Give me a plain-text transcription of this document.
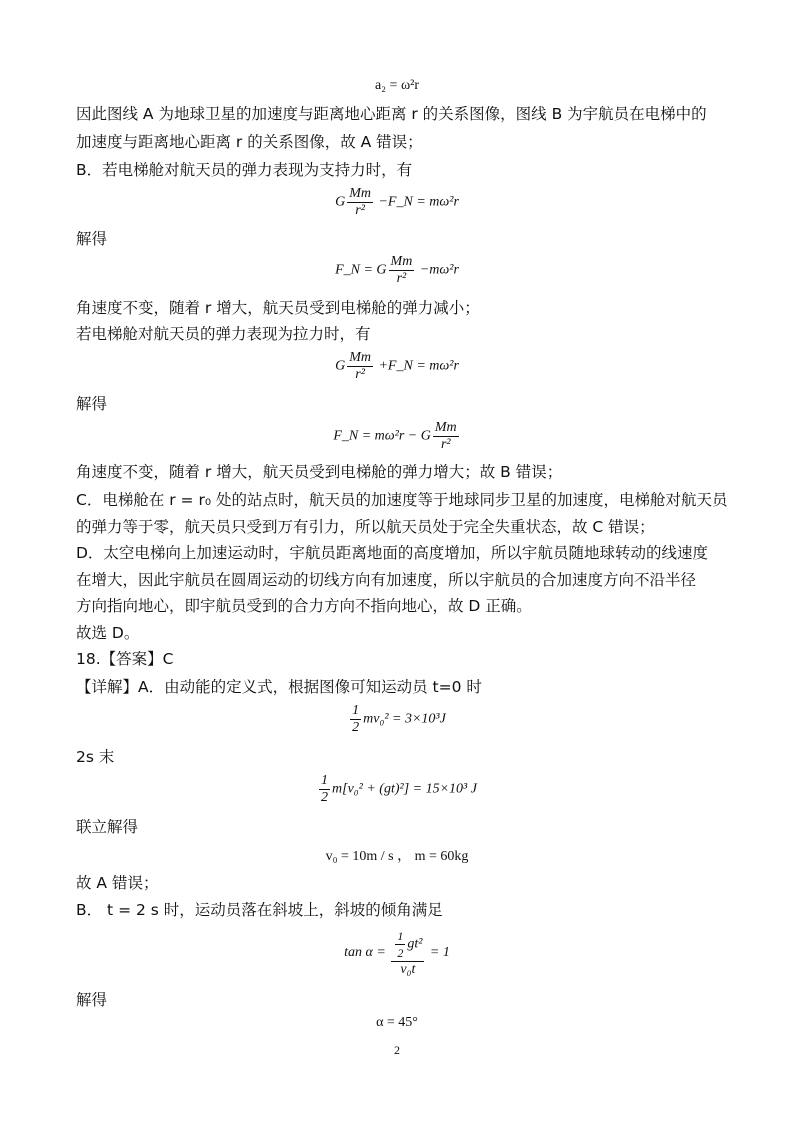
a₂ = ω²r
因此图线 A 为地球卫星的加速度与距离地心距离 r 的关系图像，图线 B 为宇航员在电梯中的
加速度与距离地心距离 r 的关系图像，故 A 错误；
B．若电梯舱对航天员的弹力表现为支持力时，有
G $\frac{Mm}{\text{r²}}$ −F_N = mω²r
解得
F_N = G $\frac{Mm}{\text{r²}} -m\omega^2r$
角速度不变，随着 r 增大，航天员受到电梯舱的弹力减小；
若电梯舱对航天员的弹力表现为拉力时，有
G $\frac{Mm}{\text{r²}}$ +F_N = mω²r
解得
F_N = mω²r − G $\frac{Mm}{\text{r²}}$
角速度不变，随着 r 增大，航天员受到电梯舱的弹力增大；故 B 错误；
C．电梯舱在 r = r₀ 处的站点时，航天员的加速度等于地球同步卫星的加速度，电梯舱对航天员
的弹力等于零，航天员只受到万有引力，所以航天员处于完全失重状态，故 C 错误；
D．太空电梯向上加速运动时，宇航员距离地面的高度增加，所以宇航员随地球转动的线速度
在增大，因此宇航员在圆周运动的切线方向有加速度，所以宇航员的合加速度方向不沿半径
方向指向地心，即宇航员受到的合力方向不指向地心，故 D 正确。
故选 D。
18.【答案】C
【详解】A．由动能的定义式，根据图像可知运动员 t=0 时
$\frac{1}{2} mv_0^2 = 3\times 10^3J$
2s 末
$\frac{1}{2} m[v_0^2 + (gt)^2] = 15\times 10^3$ J
联立解得
v₀ = 10m / s ， m = 60kg
故 A 错误；
B． t = 2 s 时，运动员落在斜坡上，斜坡的倾角满足
$\tan \alpha = \frac{\frac{1}{2} gt^2}{\text{v₀t}} = 1$
解得
α = 45°
2
